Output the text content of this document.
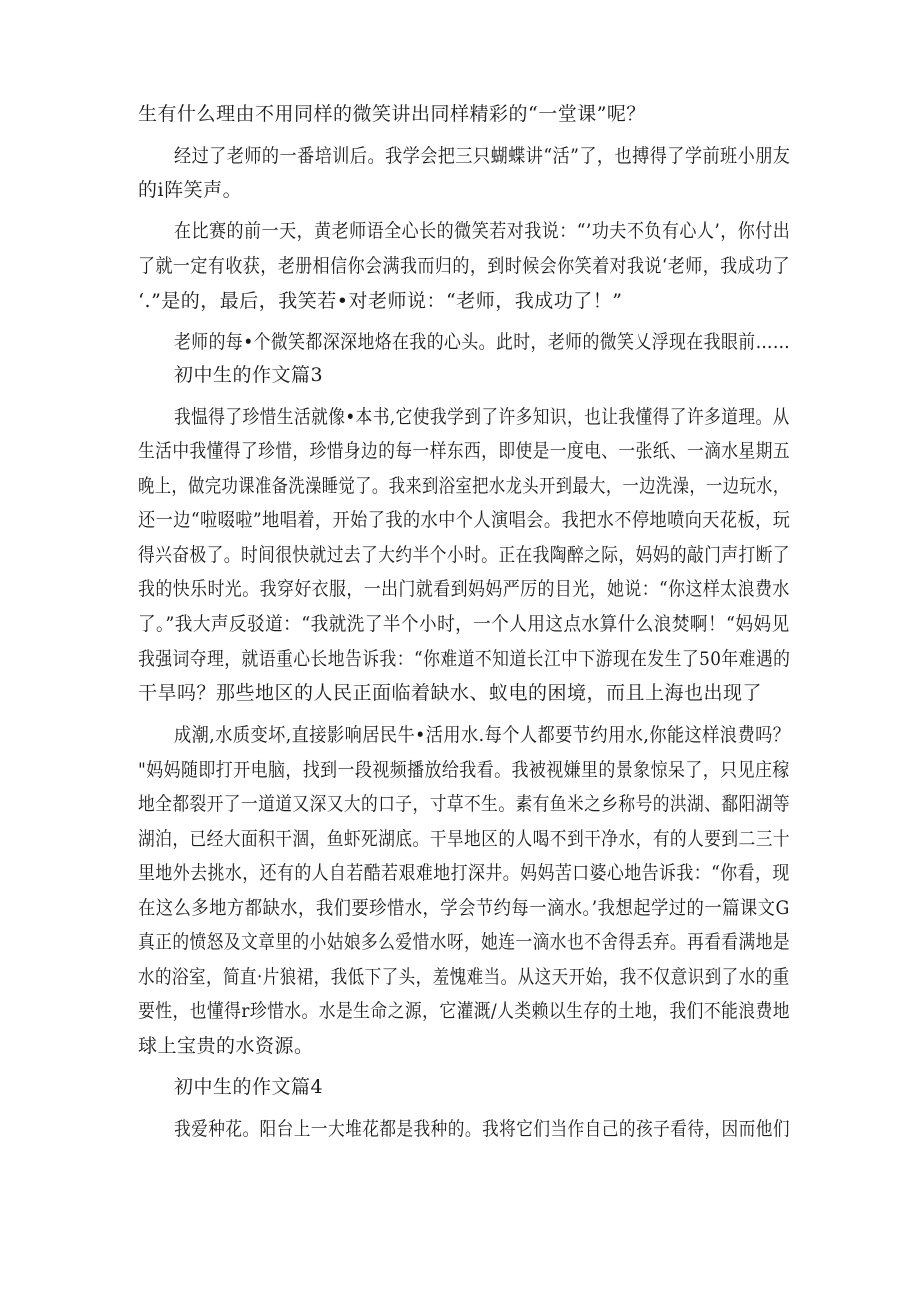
生有什么理由不用同样的微笑讲出同样精彩的“一堂课”呢？
经过了老师的一番培训后。我学会把三只蝴蝶讲“活”了，也搏得了学前班小朋友
的i阵笑声。
在比赛的前一天，黄老师语全心长的微笑若对我说：“’功夫不负有心人’，你付出
了就一定有收获，老册相信你会满我而归的，到时候会你笑着对我说‘老师，我成功了
‘.”是的，最后，我笑若•对老师说：“老师，我成功了！”
老师的每•个微笑都深深地烙在我的心头。此时，老师的微笑乂浮现在我眼前……
初中生的作文篇3
我愠得了珍惜生活就像•本书,它使我学到了许多知识，也让我懂得了许多道理。从
生活中我懂得了珍惜，珍惜身边的每一样东西，即使是一度电、一张纸、一滴水星期五
晚上，做完功课准备洗澡睡觉了。我来到浴室把水龙头开到最大，一边洗澡，一边玩水，
还一边“啦啜啦”地唱着，开始了我的水中个人演唱会。我把水不停地喷向天花板，玩
得兴奋极了。时间很快就过去了大约半个小时。正在我陶醉之际，妈妈的敲门声打断了
我的快乐时光。我穿好衣服，一出门就看到妈妈严厉的目光，她说：“你这样太浪费水
了。”我大声反驳道：“我就洗了半个小时，一个人用这点水算什么浪焚啊！“妈妈见
我强词夺理，就语重心长地告诉我：“你难道不知道长江中下游现在发生了50年难遇的
干旱吗？那些地区的人民正面临着缺水、蚁电的困境，而且上海也出现了
成潮,水质变坏,直接影响居民牛•活用水.每个人都要节约用水,你能这样浪费吗？
"妈妈随即打开电脑，找到一段视频播放给我看。我被视嫌里的景象惊呆了，只见庄稼
地全都裂开了一道道又深又大的口子，寸草不生。素有鱼米之乡称号的洪湖、鄱阳湖等
湖泊，已经大面积干涸，鱼虾死湖底。干旱地区的人喝不到干净水，有的人要到二三十
里地外去挑水，还有的人自若酷若艰难地打深井。妈妈苦口婆心地告诉我：“你看，现
在这么多地方都缺水，我们要珍惜水，学会节约每一滴水。’我想起学过的一篇课文G
真正的愤怒及文章里的小姑娘多么爱惜水呀，她连一滴水也不舍得丢弃。再看看满地是
水的浴室，简直·片狼裙，我低下了头，羞愧难当。从这天开始，我不仅意识到了水的重
要性，也懂得r珍惜水。水是生命之源，它灌溉/人类赖以生存的土地，我们不能浪费地
球上宝贵的水资源。
初中生的作文篇4
我爱种花。阳台上一大堆花都是我种的。我将它们当作自己的孩子看待，因而他们
